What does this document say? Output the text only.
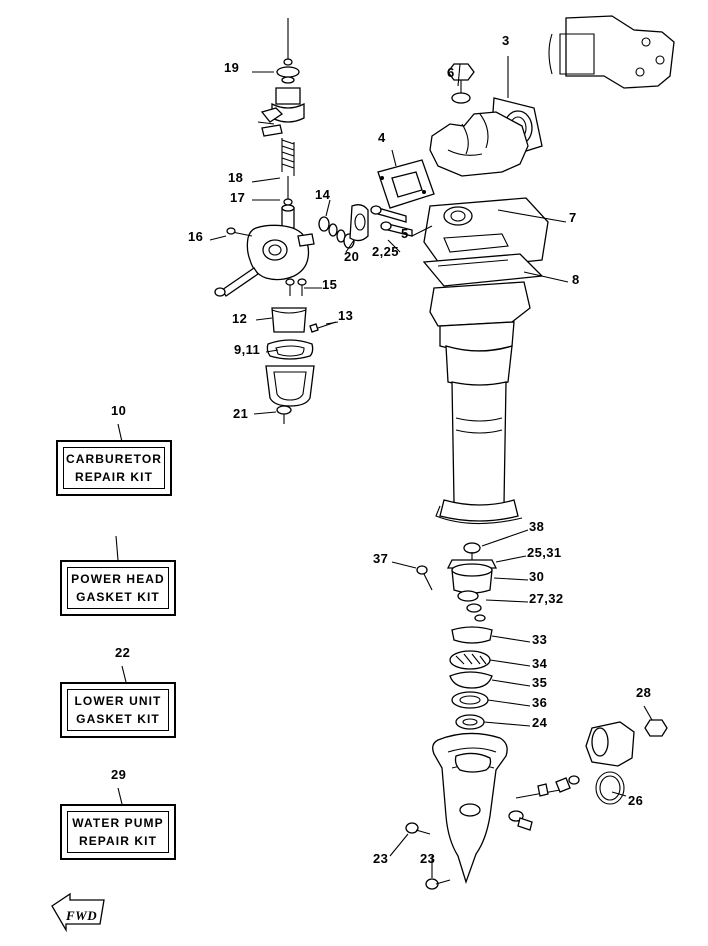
19	6
3
4
18
17	14
7
5
2,25
16
20
8
15
12	13
9,11
21
10
38
37	25,31
30
27,32
33
34
35
36
24
28
26
22
29
23 23
CARBURETOR
REPAIR KIT
POWER HEAD
GASKET KIT
LOWER UNIT
GASKET KIT
WATER PUMP
REPAIR KIT
FWD
